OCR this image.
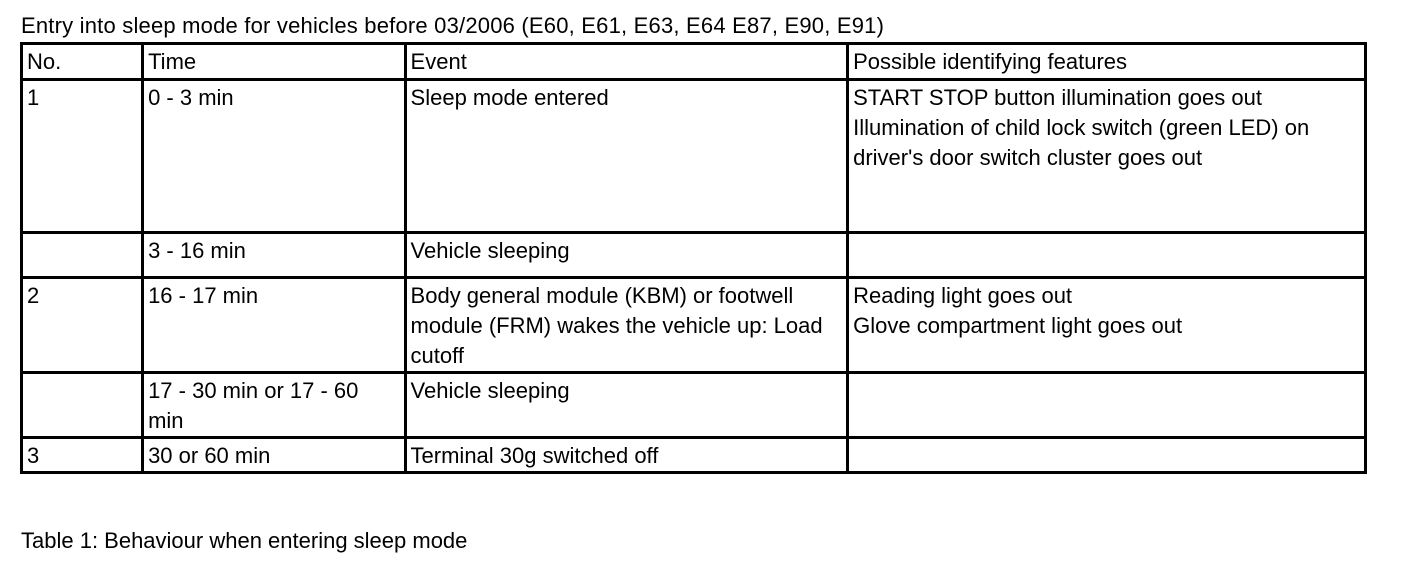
Entry into sleep mode for vehicles before 03/2006 (E60, E61, E63, E64 E87, E90, E91)
No.	Time	Event	Possible identifying features
1	0 - 3 min	Sleep mode entered	START STOP button illumination goes out
Illumination of child lock switch (green LED) on driver's door switch cluster goes out

	3 - 16 min	Vehicle sleeping	
2	16 - 17 min	Body general module (KBM) or footwell module (FRM) wakes the vehicle up: Load cutoff	Reading light goes out
Glove compartment light goes out

	17 - 30 min or 17 - 60 min	Vehicle sleeping	
3	30 or 60 min	Terminal 30g switched off	
Table 1: Behaviour when entering sleep mode
